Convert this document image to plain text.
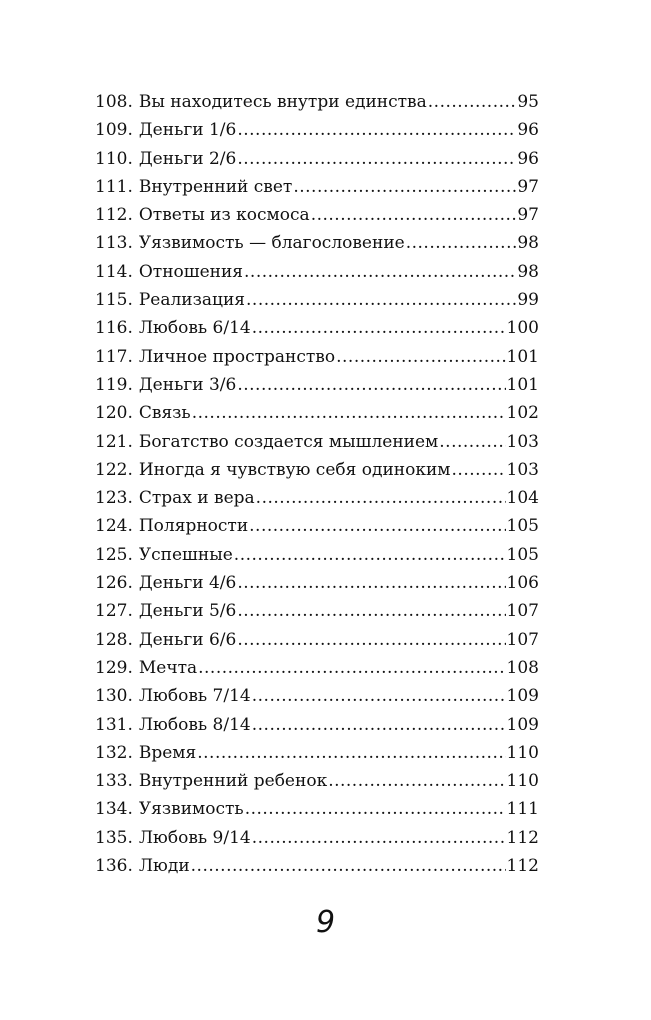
108. Вы находитесь внутри единства .....	95
109. Деньги 1/6 .....	96
110. Деньги 2/6 .....	96
111. Внутренний свет .....	97
112. Ответы из космоса .....	97
113. Уязвимость — благословение .....	98
114. Отношения .....	98
115. Реализация .....	99
116. Любовь 6/14 .....	100
117. Личное пространство .....	101
119. Деньги 3/6 .....	101
120. Связь .....	102
121. Богатство создается мышлением .....	103
122. Иногда я чувствую себя одиноким .....	103
123. Страх и вера .....	104
124. Полярности .....	105
125. Успешные .....	105
126. Деньги 4/6 .....	106
127. Деньги 5/6 .....	107
128. Деньги 6/6 .....	107
129. Мечта .....	108
130. Любовь 7/14 .....	109
131. Любовь 8/14 .....	109
132. Время .....	110
133. Внутренний ребенок .....	110
134. Уязвимость .....	111
135. Любовь 9/14 .....	112
136. Люди .....	112
9
